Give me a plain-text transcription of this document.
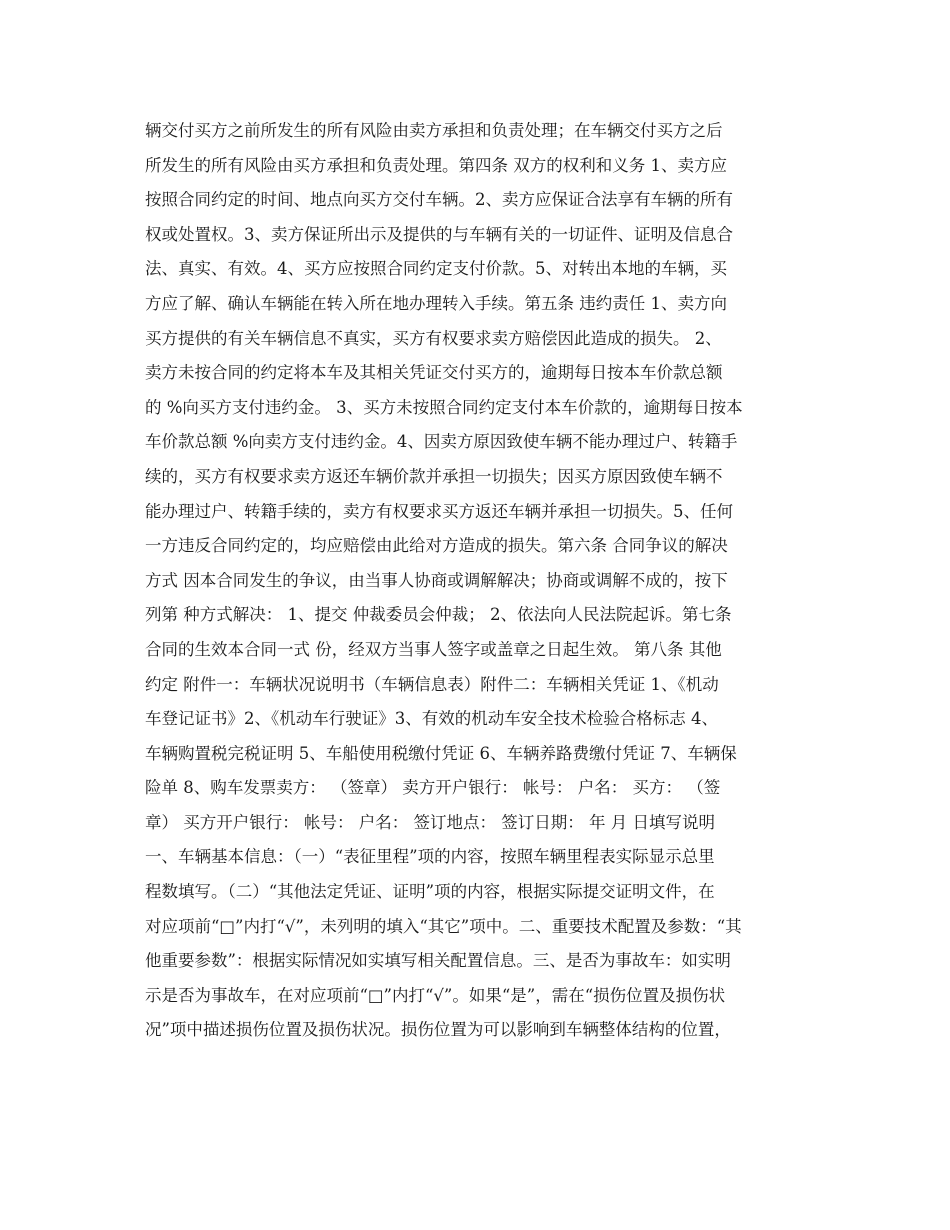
辆交付买方之前所发生的所有风险由卖方承担和负责处理；在车辆交付买方之后
所发生的所有风险由买方承担和负责处理。第四条 双方的权利和义务 1、卖方应
按照合同约定的时间、地点向买方交付车辆。2、卖方应保证合法享有车辆的所有
权或处置权。3、卖方保证所出示及提供的与车辆有关的一切证件、证明及信息合
法、真实、有效。4、买方应按照合同约定支付价款。5、对转出本地的车辆，买
方应了解、确认车辆能在转入所在地办理转入手续。第五条 违约责任 1、卖方向
买方提供的有关车辆信息不真实，买方有权要求卖方赔偿因此造成的损失。 2、
卖方未按合同的约定将本车及其相关凭证交付买方的，逾期每日按本车价款总额
的 %向买方支付违约金。 3、买方未按照合同约定支付本车价款的，逾期每日按本
车价款总额 %向卖方支付违约金。4、因卖方原因致使车辆不能办理过户、转籍手
续的，买方有权要求卖方返还车辆价款并承担一切损失；因买方原因致使车辆不
能办理过户、转籍手续的，卖方有权要求买方返还车辆并承担一切损失。5、任何
一方违反合同约定的，均应赔偿由此给对方造成的损失。第六条 合同争议的解决
方式 因本合同发生的争议，由当事人协商或调解解决；协商或调解不成的，按下
列第 种方式解决： 1、提交 仲裁委员会仲裁； 2、依法向人民法院起诉。第七条
合同的生效本合同一式 份，经双方当事人签字或盖章之日起生效。 第八条 其他
约定 附件一：车辆状况说明书（车辆信息表）附件二：车辆相关凭证 1、《机动
车登记证书》2、《机动车行驶证》3、有效的机动车安全技术检验合格标志 4、
车辆购置税完税证明 5、车船使用税缴付凭证 6、车辆养路费缴付凭证 7、车辆保
险单 8、购车发票卖方： （签章） 卖方开户银行： 帐号： 户名： 买方： （签
章） 买方开户银行： 帐号： 户名： 签订地点： 签订日期： 年 月 日填写说明
一、车辆基本信息：（一）“表征里程”项的内容，按照车辆里程表实际显示总里
程数填写。（二）“其他法定凭证、证明”项的内容，根据实际提交证明文件，在
对应项前“□”内打“√”，未列明的填入“其它”项中。二、重要技术配置及参数：“其
他重要参数”：根据实际情况如实填写相关配置信息。三、是否为事故车：如实明
示是否为事故车，在对应项前“□”内打“√”。如果“是”，需在“损伤位置及损伤状
况”项中描述损伤位置及损伤状况。损伤位置为可以影响到车辆整体结构的位置，
